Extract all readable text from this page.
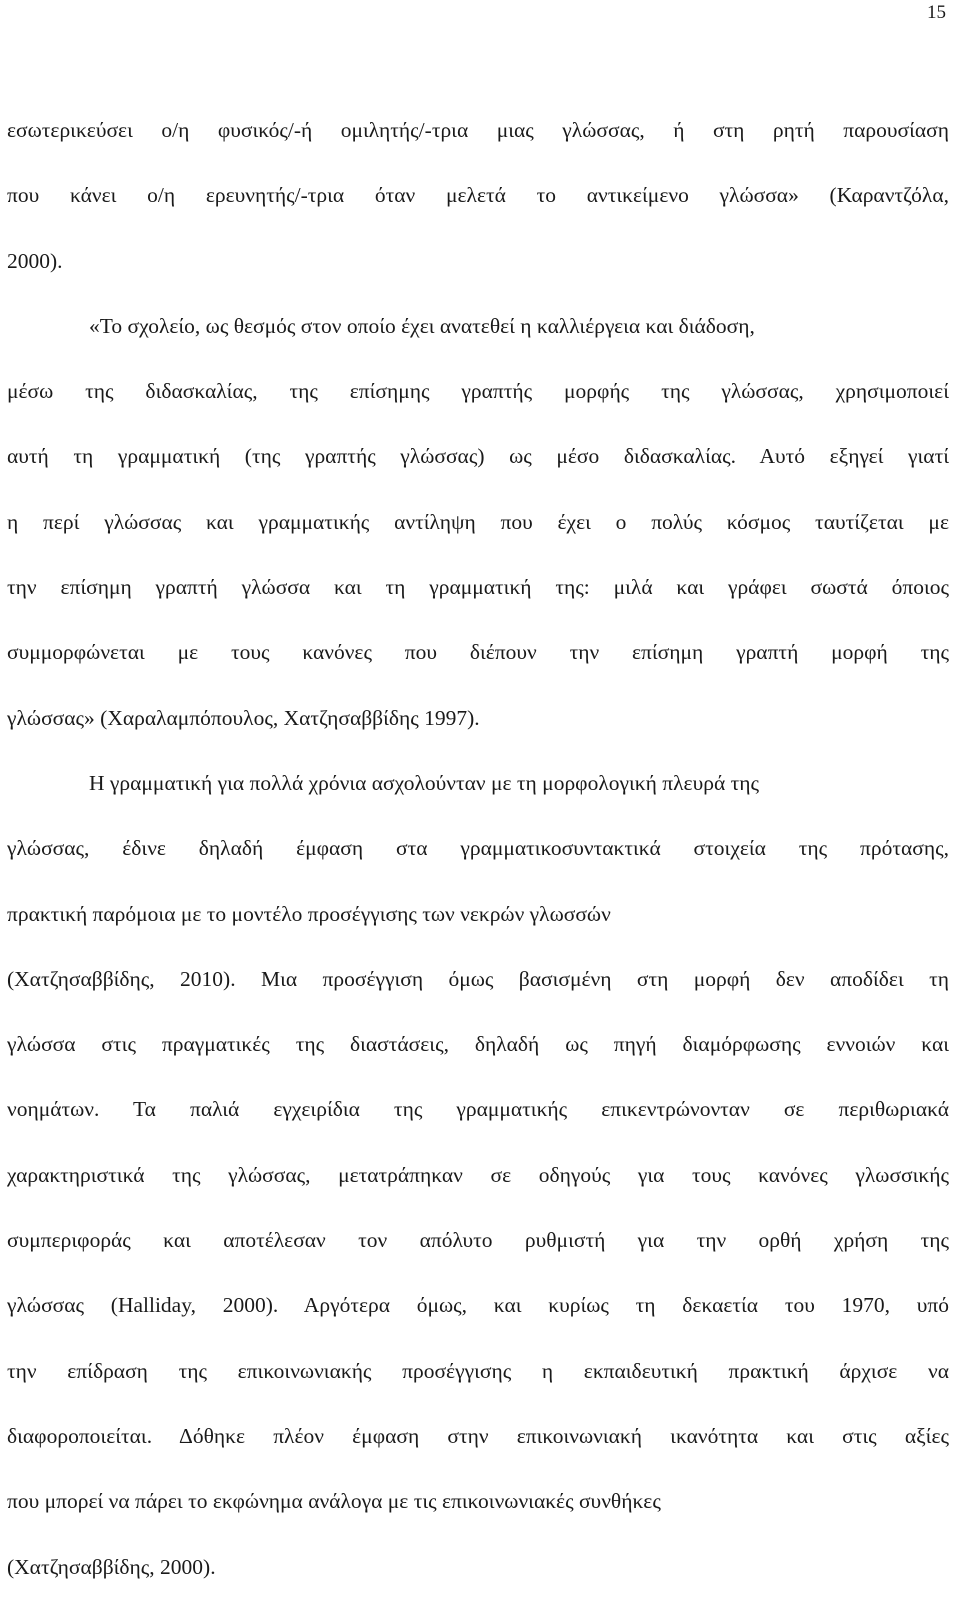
15
εσωτερικεύσει ο/η φυσικός/-ή ομιλητής/-τρια μιας γλώσσας, ή στη ρητή παρουσίαση
που κάνει ο/η ερευνητής/-τρια όταν μελετά το αντικείμενο γλώσσα» (Καραντζόλα,
2000).
«Το σχολείο, ως θεσμός στον οποίο έχει ανατεθεί η καλλιέργεια και διάδοση,
μέσω της διδασκαλίας, της επίσημης γραπτής μορφής της γλώσσας, χρησιμοποιεί
αυτή τη γραμματική (της γραπτής γλώσσας) ως μέσο διδασκαλίας. Αυτό εξηγεί γιατί
η περί γλώσσας και γραμματικής αντίληψη που έχει ο πολύς κόσμος ταυτίζεται με
την επίσημη γραπτή γλώσσα και τη γραμματική της: μιλά και γράφει σωστά όποιος
συμμορφώνεται με τους κανόνες που διέπουν την επίσημη γραπτή μορφή της
γλώσσας» (Χαραλαμπόπουλος, Χατζησαββίδης 1997).
Η γραμματική για πολλά χρόνια ασχολούνταν με τη μορφολογική πλευρά της
γλώσσας, έδινε δηλαδή έμφαση στα γραμματικοσυντακτικά στοιχεία της πρότασης,
πρακτική παρόμοια με το μοντέλο προσέγγισης των νεκρών γλωσσών
(Χατζησαββίδης, 2010). Μια προσέγγιση όμως βασισμένη στη μορφή δεν αποδίδει τη
γλώσσα στις πραγματικές της διαστάσεις, δηλαδή ως πηγή διαμόρφωσης εννοιών και
νοημάτων. Τα παλιά εγχειρίδια της γραμματικής επικεντρώνονταν σε περιθωριακά
χαρακτηριστικά της γλώσσας, μετατράπηκαν σε οδηγούς για τους κανόνες γλωσσικής
συμπεριφοράς και αποτέλεσαν τον απόλυτο ρυθμιστή για την ορθή χρήση της
γλώσσας (Halliday, 2000). Αργότερα όμως, και κυρίως τη δεκαετία του 1970, υπό
την επίδραση της επικοινωνιακής προσέγγισης η εκπαιδευτική πρακτική άρχισε να
διαφοροποιείται. Δόθηκε πλέον έμφαση στην επικοινωνιακή ικανότητα και στις αξίες
που μπορεί να πάρει το εκφώνημα ανάλογα με τις επικοινωνιακές συνθήκες
(Χατζησαββίδης, 2000).
